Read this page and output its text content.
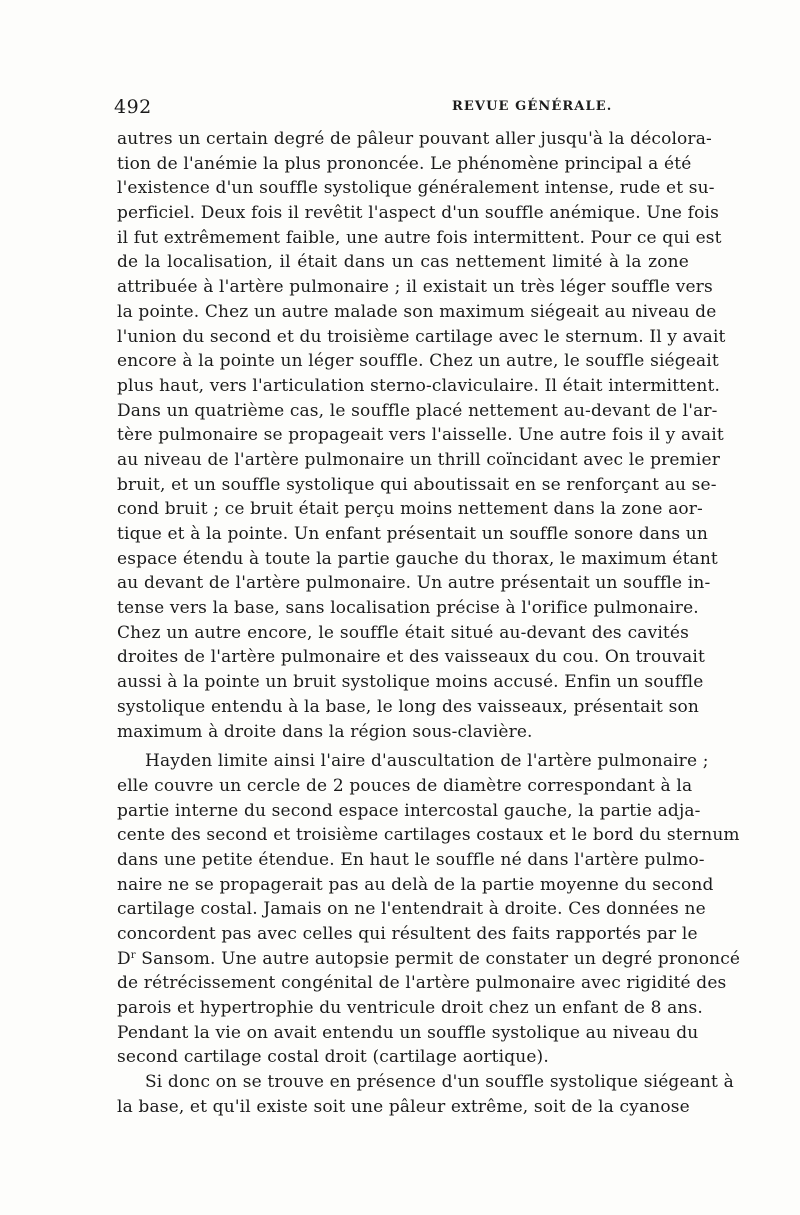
492	REVUE GÉNÉRALE.
autres un certain degré de pâleur pouvant aller jusqu'à la décolora-
tion de l'anémie la plus prononcée. Le phénomène principal a été
l'existence d'un souffle systolique généralement intense, rude et su-
perficiel. Deux fois il revêtit l'aspect d'un souffle anémique. Une fois
il fut extrêmement faible, une autre fois intermittent. Pour ce qui est
de la localisation, il était dans un cas nettement limité à la zone
attribuée à l'artère pulmonaire ; il existait un très léger souffle vers
la pointe. Chez un autre malade son maximum siégeait au niveau de
l'union du second et du troisième cartilage avec le sternum. Il y avait
encore à la pointe un léger souffle. Chez un autre, le souffle siégeait
plus haut, vers l'articulation sterno-claviculaire. Il était intermittent.
Dans un quatrième cas, le souffle placé nettement au-devant de l'ar-
tère pulmonaire se propageait vers l'aisselle. Une autre fois il y avait
au niveau de l'artère pulmonaire un thrill coïncidant avec le premier
bruit, et un souffle systolique qui aboutissait en se renforçant au se-
cond bruit ; ce bruit était perçu moins nettement dans la zone aor-
tique et à la pointe. Un enfant présentait un souffle sonore dans un
espace étendu à toute la partie gauche du thorax, le maximum étant
au devant de l'artère pulmonaire. Un autre présentait un souffle in-
tense vers la base, sans localisation précise à l'orifice pulmonaire.
Chez un autre encore, le souffle était situé au-devant des cavités
droites de l'artère pulmonaire et des vaisseaux du cou. On trouvait
aussi à la pointe un bruit systolique moins accusé. Enfin un souffle
systolique entendu à la base, le long des vaisseaux, présentait son
maximum à droite dans la région sous-clavière.
Hayden limite ainsi l'aire d'auscultation de l'artère pulmonaire ;
elle couvre un cercle de 2 pouces de diamètre correspondant à la
partie interne du second espace intercostal gauche, la partie adja-
cente des second et troisième cartilages costaux et le bord du sternum
dans une petite étendue. En haut le souffle né dans l'artère pulmo-
naire ne se propagerait pas au delà de la partie moyenne du second
cartilage costal. Jamais on ne l'entendrait à droite. Ces données ne
concordent pas avec celles qui résultent des faits rapportés par le
$D^r$ Sansom. Une autre autopsie permit de constater un degré prononcé
de rétrécissement congénital de l'artère pulmonaire avec rigidité des
parois et hypertrophie du ventricule droit chez un enfant de 8 ans.
Pendant la vie on avait entendu un souffle systolique au niveau du
second cartilage costal droit (cartilage aortique).
Si donc on se trouve en présence d'un souffle systolique siégeant à
la base, et qu'il existe soit une pâleur extrême, soit de la cyanose
